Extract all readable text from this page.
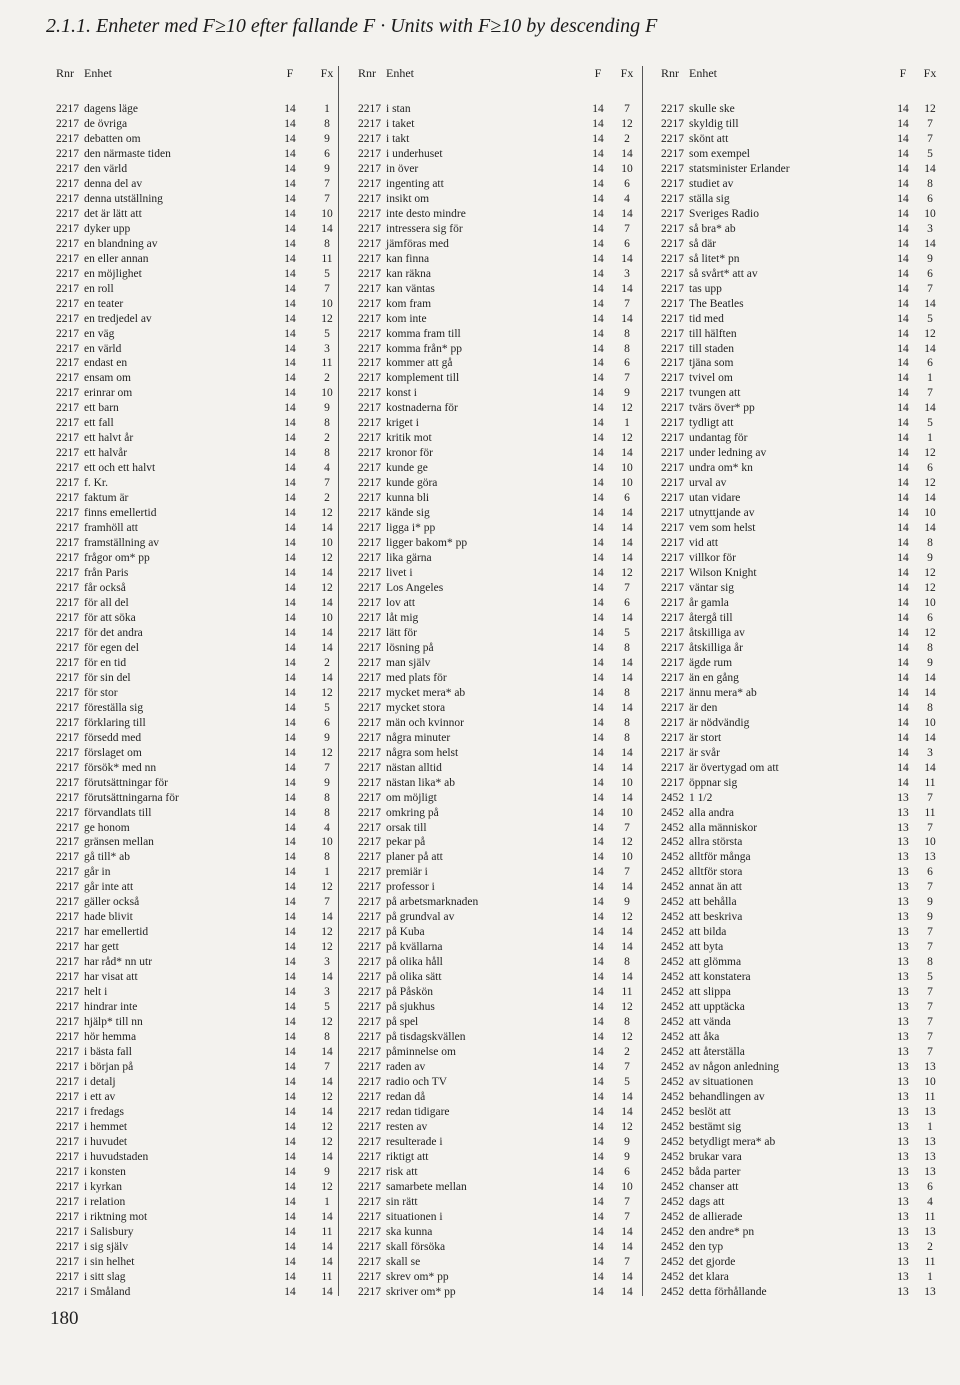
2.1.1. Enheter med F≥10 efter fallande F · Units with F≥10 by descending F
Rnr Enhet	F	Fx
2217 dagens läge	14	1
2217 de övriga	14	8
2217 debatten om	14	9
2217 den närmaste tiden	14	6
2217 den värld	14	9
2217 denna del av	14	7
2217 denna utställning	14	7
2217 det är lätt att	14 10
2217 dyker upp	14 14
2217 en blandning av	14	8
2217 en eller annan	14	11
2217 en möjlighet	14	5
2217 en roll	14	7
2217 en teater	14 10
2217 en tredjedel av	14 12
2217 en väg	14	5
2217 en värld	14	3
2217 endast en	14	11
2217 ensam om	14	2
2217 erinrar om	14 10
2217 ett barn	14	9
2217 ett fall	14	8
2217 ett halvt år	14	2
2217 ett halvår	14	8
2217 ett och ett halvt	14	4
2217 f. Kr.	14	7
2217 faktum är	14	2
2217 finns emellertid	14 12
2217 framhöll att	14 14
2217 framställning av	14 10
2217 frågor om* pp	14 12
2217 från Paris	14 14
2217 får också	14 12
2217 för all del	14 14
2217 för att söka	14 10
2217 för det andra	14 14
2217 för egen del	14 14
2217 för en tid	14	2
2217 för sin del	14 14
2217 för stor	14 12
2217 föreställa sig	14	5
2217 förklaring till	14	6
2217 försedd med	14	9
2217 förslaget om	14 12
2217 försök* med nn	14	7
2217 förutsättningar för	14	9
2217 förutsättningarna för	14	8
2217 förvandlats till	14	8
2217 ge honom	14	4
2217 gränsen mellan	14 10
2217 gå till* ab	14	8
2217 går in	14	1
2217 går inte att	14 12
2217 gäller också	14	7
2217 hade blivit	14 14
2217 har emellertid	14 12
2217 har gett	14 12
2217 har råd* nn utr	14	3
2217 har visat att	14 14
2217 helt i	14	3
2217 hindrar inte	14	5
2217 hjälp* till nn	14 12
2217 hör hemma	14	8
2217 i bästa fall	14 14
2217 i början på	14	7
2217 i detalj	14 14
2217 i ett av	14 12
2217 i fredags	14 14
2217 i hemmet	14 12
2217 i huvudet	14 12
2217 i huvudstaden	14 14
2217 i konsten	14	9
2217 i kyrkan	14 12
2217 i relation	14	1
2217 i riktning mot	14 14
2217 i Salisbury	14	11
2217 i sig själv	14 14
2217 i sin helhet	14 14
2217 i sitt slag	14	11
2217 i Småland	14 14
Rnr Enhet	F	Fx
2217 i stan	14	7
2217 i taket	14 12
2217 i takt	14	2
2217 i underhuset	14 14
2217 in över	14 10
2217 ingenting att	14	6
2217 insikt om	14	4
2217 inte desto mindre	14 14
2217 intressera sig för	14	7
2217 jämföras med	14	6
2217 kan finna	14 14
2217 kan räkna	14	3
2217 kan väntas	14 14
2217 kom fram	14	7
2217 kom inte	14 14
2217 komma fram till	14	8
2217 komma från* pp	14	8
2217 kommer att gå	14	6
2217 komplement till	14	7
2217 konst i	14	9
2217 kostnaderna för	14 12
2217 kriget i	14	1
2217 kritik mot	14 12
2217 kronor för	14 14
2217 kunde ge	14 10
2217 kunde göra	14 10
2217 kunna bli	14	6
2217 kände sig	14 14
2217 ligga i* pp	14 14
2217 ligger bakom* pp	14 14
2217 lika gärna	14 14
2217 livet i	14 12
2217 Los Angeles	14	7
2217 lov att	14	6
2217 låt mig	14 14
2217 lätt för	14	5
2217 lösning på	14	8
2217 man själv	14 14
2217 med plats för	14 14
2217 mycket mera* ab	14	8
2217 mycket stora	14 14
2217 män och kvinnor	14	8
2217 några minuter	14	8
2217 några som helst	14 14
2217 nästan alltid	14 14
2217 nästan lika* ab	14 10
2217 om möjligt	14 14
2217 omkring på	14 10
2217 orsak till	14	7
2217 pekar på	14 12
2217 planer på att	14 10
2217 premiär i	14	7
2217 professor i	14 14
2217 på arbetsmarknaden	14	9
2217 på grundval av	14 12
2217 på Kuba	14 14
2217 på kvällarna	14 14
2217 på olika håll	14	8
2217 på olika sätt	14 14
2217 på Påskön	14	11
2217 på sjukhus	14 12
2217 på spel	14	8
2217 på tisdagskvällen	14 12
2217 påminnelse om	14	2
2217 raden av	14	7
2217 radio och TV	14	5
2217 redan då	14 14
2217 redan tidigare	14 14
2217 resten av	14 12
2217 resulterade i	14	9
2217 riktigt att	14	9
2217 risk att	14	6
2217 samarbete mellan	14 10
2217 sin rätt	14	7
2217 situationen i	14	7
2217 ska kunna	14 14
2217 skall försöka	14 14
2217 skall se	14	7
2217 skrev om* pp	14 14
2217 skriver om* pp	14 14
Rnr Enhet	F	Fx
2217 skulle ske	14 12
2217 skyldig till	14	7
2217 skönt att	14	7
2217 som exempel	14	5
2217 statsminister Erlander	14 14
2217 studiet av	14	8
2217 ställa sig	14	6
2217 Sveriges Radio	14 10
2217 så bra* ab	14	3
2217 så där	14 14
2217 så litet* pn	14	9
2217 så svårt* att av	14	6
2217 tas upp	14	7
2217 The Beatles	14 14
2217 tid med	14	5
2217 till hälften	14 12
2217 till staden	14 14
2217 tjäna som	14	6
2217 tvivel om	14	1
2217 tvungen att	14	7
2217 tvärs över* pp	14 14
2217 tydligt att	14	5
2217 undantag för	14	1
2217 under ledning av	14 12
2217 undra om* kn	14	6
2217 urval av	14 12
2217 utan vidare	14 14
2217 utnyttjande av	14 10
2217 vem som helst	14 14
2217 vid att	14	8
2217 villkor för	14	9
2217 Wilson Knight	14 12
2217 väntar sig	14 12
2217 år gamla	14 10
2217 återgå till	14	6
2217 åtskilliga av	14 12
2217 åtskilliga år	14	8
2217 ägde rum	14	9
2217 än en gång	14 14
2217 ännu mera* ab	14 14
2217 är den	14	8
2217 är nödvändig	14 10
2217 är stort	14 14
2217 är svår	14	3
2217 är övertygad om att	14 14
2217 öppnar sig	14	11
2452 1 1/2	13	7
2452 alla andra	13	11
2452 alla människor	13	7
2452 allra största	13 10
2452 alltför många	13 13
2452 alltför stora	13	6
2452 annat än att	13	7
2452 att behålla	13	9
2452 att beskriva	13	9
2452 att bilda	13	7
2452 att byta	13	7
2452 att glömma	13	8
2452 att konstatera	13	5
2452 att slippa	13	7
2452 att upptäcka	13	7
2452 att vända	13	7
2452 att åka	13	7
2452 att återställa	13	7
2452 av någon anledning	13 13
2452 av situationen	13 10
2452 behandlingen av	13	11
2452 beslöt att	13 13
2452 bestämt sig	13	1
2452 betydligt mera* ab	13 13
2452 brukar vara	13 13
2452 båda parter	13 13
2452 chanser att	13	6
2452 dags att	13	4
2452 de allierade	13	11
2452 den andre* pn	13 13
2452 den typ	13	2
2452 det gjorde	13	11
2452 det klara	13	1
2452 detta förhållande	13 13
180
